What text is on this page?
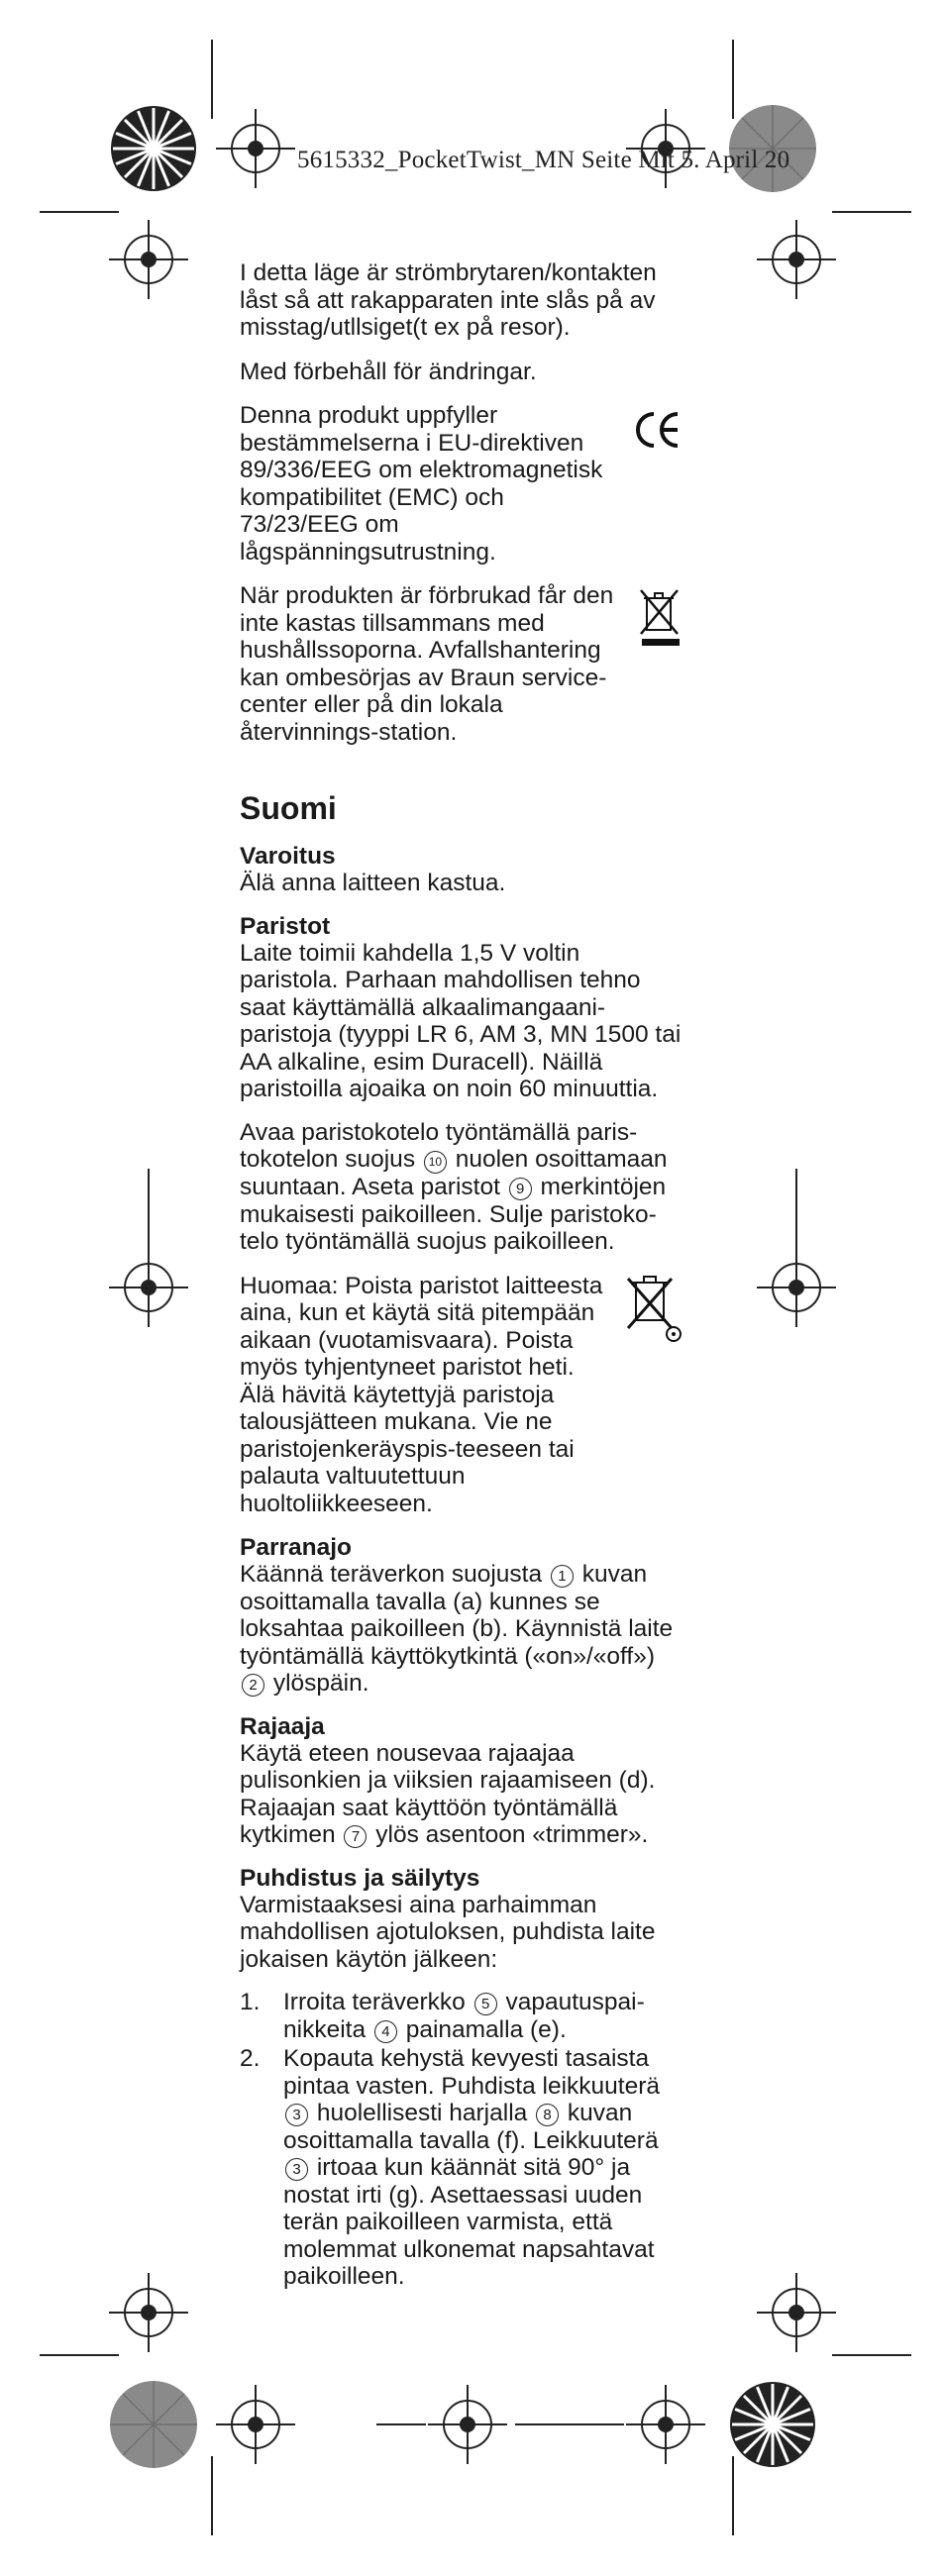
5615332_PocketTwist_MN Seite Mit 5. April 20

I detta läge är strömbrytaren/kontakten låst så att rakapparaten inte slås på av misstag/utllsiget(t ex på resor).

Med förbehåll för ändringar.

Denna produkt uppfyller bestämmelserna i EU-direktiven 89/336/EEG om elektromagnetisk kompatibilitet (EMC) och 73/23/EEG om lågspänningsutrustning.

När produkten är förbrukad får den inte kastas tillsammans med hushållssoporna. Avfallshantering kan ombesörjas av Braun service-center eller på din lokala återvinnings-station.

Suomi
Varoitus

Älä anna laitteen kastua.

Paristot

Laite toimii kahdella 1,5 V voltin paristola. Parhaan mahdollisen tehno saat käyttämällä alkaalimangaani-paristoja (tyyppi LR 6, AM 3, MN 1500 tai AA alkaline, esim Duracell). Näillä paristoilla ajoaika on noin 60 minuuttia.

Avaa paristokotelo työntämällä paris-tokotelon suojus 10 nuolen osoittamaan suuntaan. Aseta paristot 9 merkintöjen mukaisesti paikoilleen. Sulje paristoko-telo työntämällä suojus paikoilleen.

Huomaa: Poista paristot laitteesta aina, kun et käytä sitä pitempään aikaan (vuotamisvaara). Poista myös tyhjentyneet paristot heti. Älä hävitä käytettyjä paristoja talousjätteen mukana. Vie ne paristojenkeräyspis-teeseen tai palauta valtuutettuun huoltoliikkeeseen.

Parranajo

Käännä teräverkon suojusta 1 kuvan osoittamalla tavalla (a) kunnes se loksahtaa paikoilleen (b). Käynnistä laite työntämällä käyttökytkintä («on»/«off») 2 ylöspäin.

Rajaaja

Käytä eteen nousevaa rajaajaa pulisonkien ja viiksien rajaamiseen (d). Rajaajan saat käyttöön työntämällä kytkimen 7 ylös asentoon «trimmer».

Puhdistus ja säilytys

Varmistaaksesi aina parhaimman mahdollisen ajotuloksen, puhdista laite jokaisen käytön jälkeen:

1. Irroita teräverkko 5 vapautuspai-nikkeita 4 painamalla (e).
2. Kopauta kehystä kevyesti tasaista pintaa vasten. Puhdista leikkuuterä 3 huolellisesti harjalla 8 kuvan osoittamalla tavalla (f). Leikkuuterä 3 irtoaa kun käännät sitä 90° ja nostat irti (g). Asettaessasi uuden terän paikoilleen varmista, että molemmat ulkonemat napsahtavat paikoilleen.
